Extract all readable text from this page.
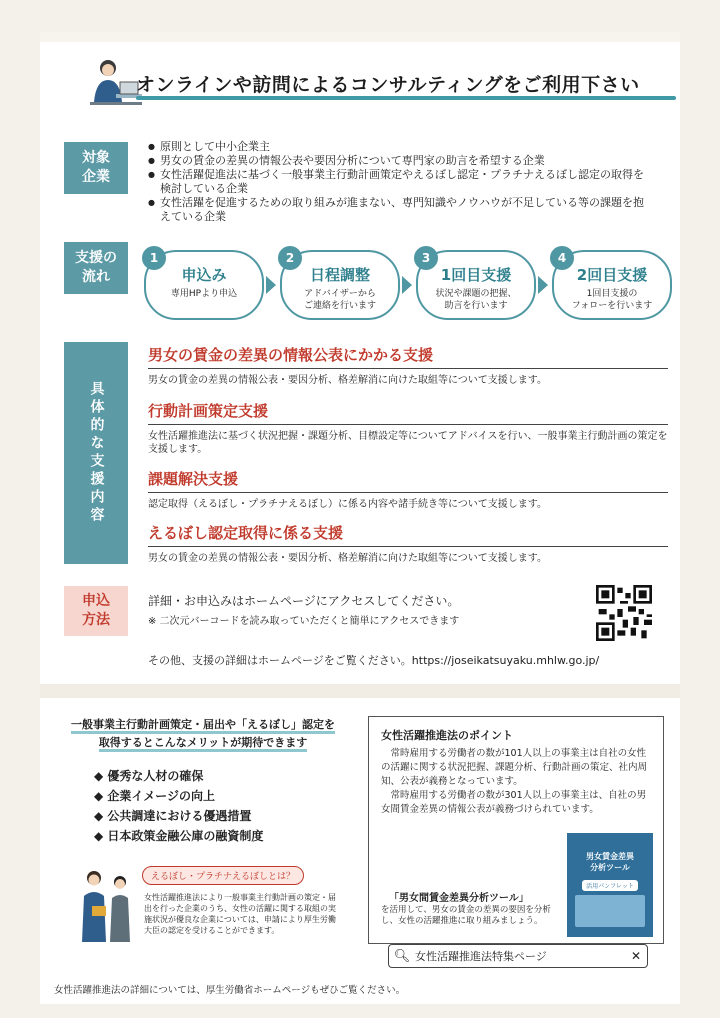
オンラインや訪問によるコンサルティングをご利用下さい
対象
企業
● 原則として中小企業主
● 男女の賃金の差異の情報公表や要因分析について専門家の助言を希望する企業
● 女性活躍促進法に基づく一般事業主行動計画策定やえるぼし認定・プラチナえるぼし認定の取得を検討している企業
● 女性活躍を促進するための取り組みが進まない、専門知識やノウハウが不足している等の課題を抱えている企業
支援の
流れ
1
申込み
専用HPより申込
2
日程調整
アドバイザーから
ご連絡を行います
3
1回目支援
状況や課題の把握、
助言を行います
4
2回目支援
1回目支援の
フォローを行います
具体的な支援内容
男女の賃金の差異の情報公表にかかる支援
男女の賃金の差異の情報公表・要因分析、格差解消に向けた取組等について支援します。
行動計画策定支援
女性活躍推進法に基づく状況把握・課題分析、目標設定等についてアドバイスを行い、一般事業主行動計画の策定を支援します。
課題解決支援
認定取得（えるぼし・プラチナえるぼし）に係る内容や諸手続き等について支援します。
えるぼし認定取得に係る支援
男女の賃金の差異の情報公表・要因分析、格差解消に向けた取組等について支援します。
申込
方法
詳細・お申込みはホームページにアクセスしてください。
※ 二次元バーコードを読み取っていただくと簡単にアクセスできます
その他、支援の詳細はホームページをご覧ください。https://joseikatsuyaku.mhlw.go.jp/
一般事業主行動計画策定・届出や「えるぼし」認定を
取得するとこんなメリットが期待できます
◆ 優秀な人材の確保
◆ 企業イメージの向上
◆ 公共調達における優遇措置
◆ 日本政策金融公庫の融資制度
えるぼし・プラチナえるぼしとは？
女性活躍推進法により一般事業主行動計画の策定・届出を行った企業のうち、女性の活躍に関する取組の実施状況が優良な企業については、申請により厚生労働大臣の認定を受けることができます。
女性活躍推進法のポイント

常時雇用する労働者の数が101人以上の事業主は自社の女性の活躍に関する状況把握、課題分析、行動計画の策定、社内周知、公表が義務となっています。

常時雇用する労働者の数が301人以上の事業主は、自社の男女間賃金差異の情報公表が義務づけられています。

「男女間賃金差異分析ツール」
を活用して、男女の賃金の差異の要因を分析し、女性の活躍推進に取り組みましょう。
男女賃金差異
分析ツール
活用パンフレット
女性活躍推進法の詳細については、厚生労働省ホームページもぜひご覧ください。
🔍︎ 女性活躍推進法特集ページ	✕
